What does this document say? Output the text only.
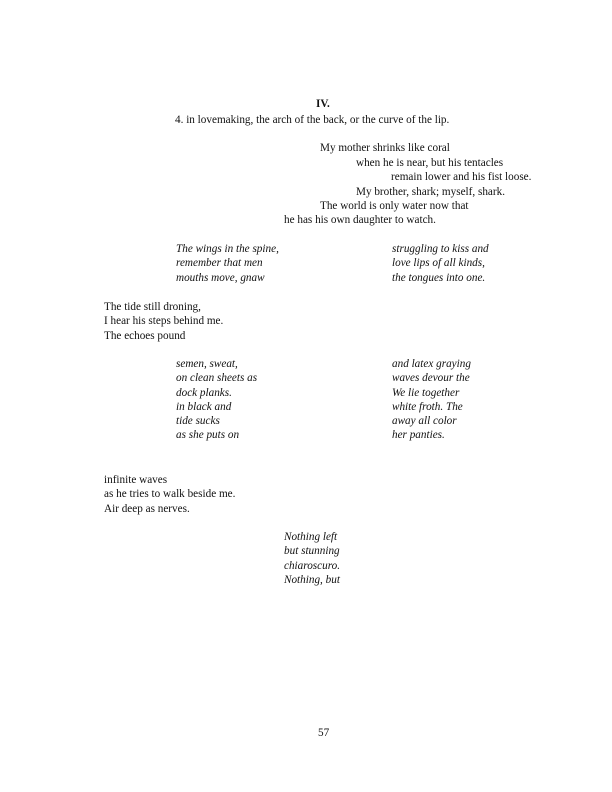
IV.
4. in lovemaking, the arch of the back, or the curve of the lip.
My mother shrinks like coral
when he is near, but his tentacles
remain lower and his fist loose.
My brother, shark; myself, shark.
The world is only water now that
he has his own daughter to watch.
The wings in the spine,
remember that men
mouths move, gnaw
struggling to kiss and
love lips of all kinds,
the tongues into one.
The tide still droning,
I hear his steps behind me.
The echoes pound
semen, sweat,
on clean sheets as
dock planks.
in black and
tide sucks
as she puts on
and latex graying
waves devour the
We lie together
white froth. The
away all color
her panties.
infinite waves
as he tries to walk beside me.
Air deep as nerves.
Nothing left
but stunning
chiaroscuro.
Nothing, but
57
